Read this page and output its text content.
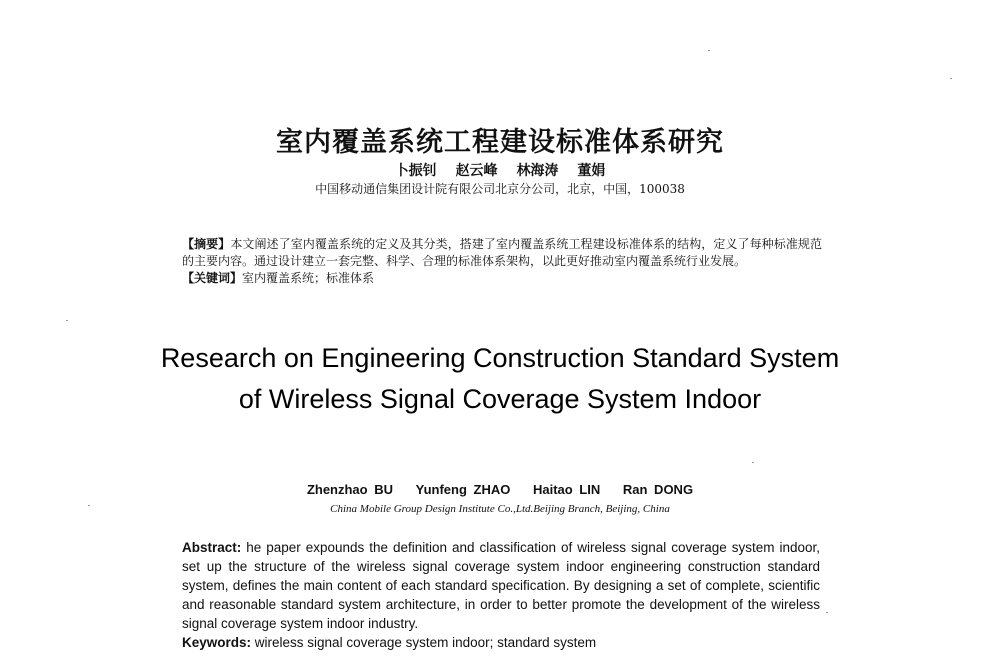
室内覆盖系统工程建设标准体系研究
卜振钊 赵云峰 林海涛 董娟
中国移动通信集团设计院有限公司北京分公司，北京，中国，100038

【摘要】本文阐述了室内覆盖系统的定义及其分类，搭建了室内覆盖系统工程建设标准体系的结构，定义了每种标准规范的主要内容。通过设计建立一套完整、科学、合理的标准体系架构，以此更好推动室内覆盖系统行业发展。

【关键词】室内覆盖系统；标准体系

Research on Engineering Construction Standard System of Wireless Signal Coverage System Indoor
Zhenzhao BU Yunfeng ZHAO Haitao LIN Ran DONG
China Mobile Group Design Institute Co.,Ltd.Beijing Branch, Beijing, China

Abstract: he paper expounds the definition and classification of wireless signal coverage system indoor, set up the structure of the wireless signal coverage system indoor engineering construction standard system, defines the main content of each standard specification. By designing a set of complete, scientific and reasonable standard system architecture, in order to better promote the development of the wireless signal coverage system indoor industry.

Keywords: wireless signal coverage system indoor; standard system
